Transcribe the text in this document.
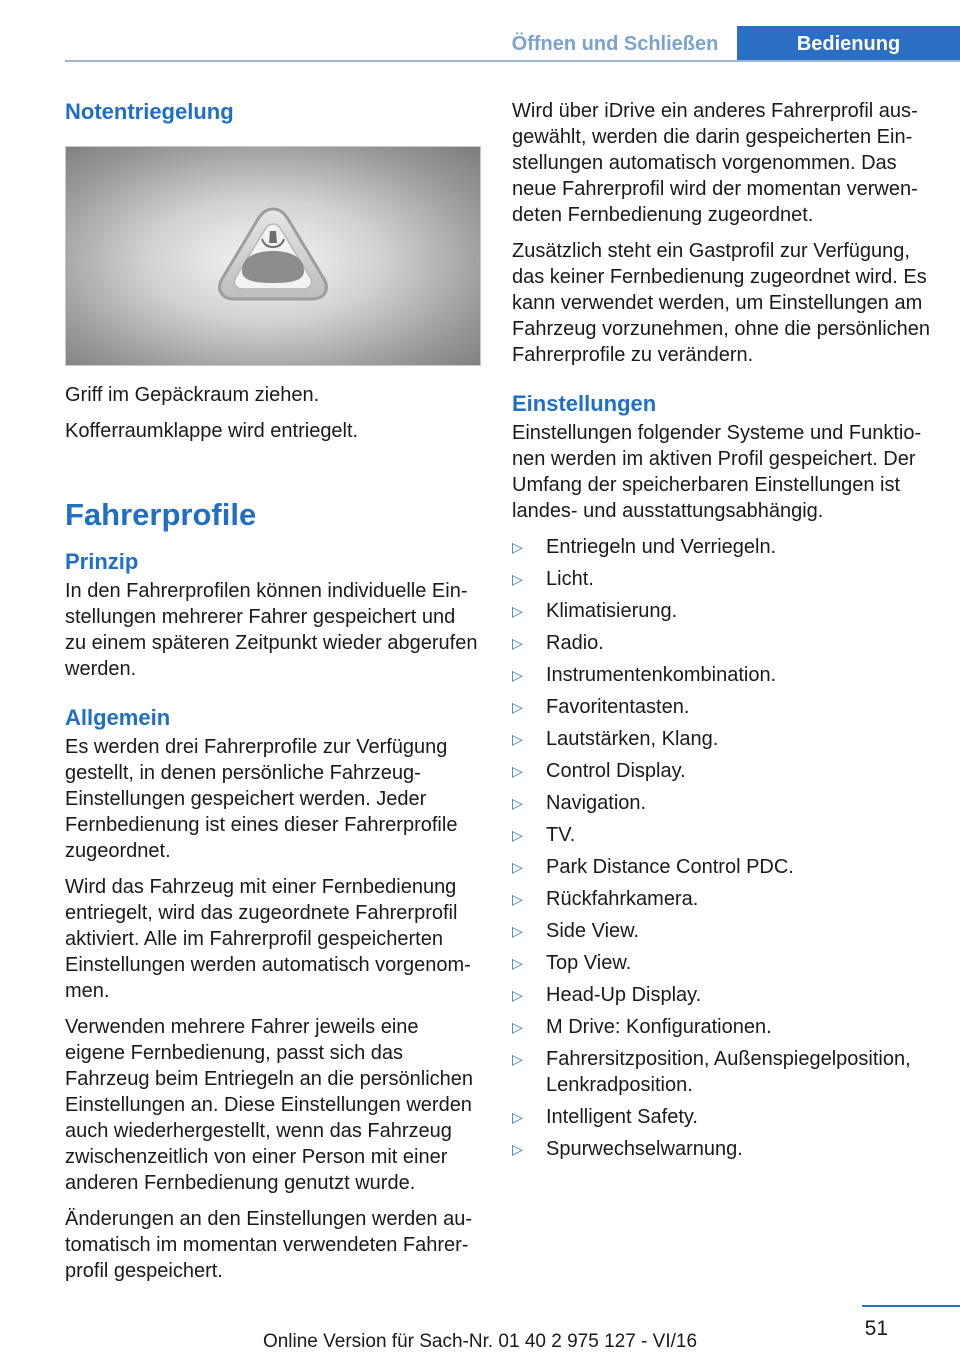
Öffnen und Schließen	Bedienung
Notentriegelung

Griff im Gepäckraum ziehen.

Kofferraumklappe wird entriegelt.

Fahrerprofile
Prinzip

In den Fahrerprofilen können individuelle Einstellungen mehrerer Fahrer gespeichert und zu einem späteren Zeitpunkt wieder abgerufen werden.

Allgemein

Es werden drei Fahrerprofile zur Verfügung gestellt, in denen persönliche Fahrzeug-Einstellungen gespeichert werden. Jeder Fernbedienung ist eines dieser Fahrerprofile zugeordnet.

Wird das Fahrzeug mit einer Fernbedienung entriegelt, wird das zugeordnete Fahrerprofil aktiviert. Alle im Fahrerprofil gespeicherten Einstellungen werden automatisch vorgenommen.

Verwenden mehrere Fahrer jeweils eine eigene Fernbedienung, passt sich das Fahrzeug beim Entriegeln an die persönlichen Einstellungen an. Diese Einstellungen werden auch wiederhergestellt, wenn das Fahrzeug zwischenzeitlich von einer Person mit einer anderen Fernbedienung genutzt wurde.

Änderungen an den Einstellungen werden automatisch im momentan verwendeten Fahrerprofil gespeichert.

Wird über iDrive ein anderes Fahrerprofil ausgewählt, werden die darin gespeicherten Einstellungen automatisch vorgenommen. Das neue Fahrerprofil wird der momentan verwendeten Fernbedienung zugeordnet.

Zusätzlich steht ein Gastprofil zur Verfügung, das keiner Fernbedienung zugeordnet wird. Es kann verwendet werden, um Einstellungen am Fahrzeug vorzunehmen, ohne die persönlichen Fahrerprofile zu verändern.

Einstellungen

Einstellungen folgender Systeme und Funktionen werden im aktiven Profil gespeichert. Der Umfang der speicherbaren Einstellungen ist landes- und ausstattungsabhängig.

▷ Entriegeln und Verriegeln.
▷ Licht.
▷ Klimatisierung.
▷ Radio.
▷ Instrumentenkombination.
▷ Favoritentasten.
▷ Lautstärken, Klang.
▷ Control Display.
▷ Navigation.
▷ TV.
▷ Park Distance Control PDC.
▷ Rückfahrkamera.
▷ Side View.
▷ Top View.
▷ Head-Up Display.
▷ M Drive: Konfigurationen.
▷ Fahrersitzposition, Außenspiegelposition, Lenkradposition.
▷ Intelligent Safety.
▷ Spurwechselwarnung.
51
Online Version für Sach-Nr. 01 40 2 975 127 - VI/16
